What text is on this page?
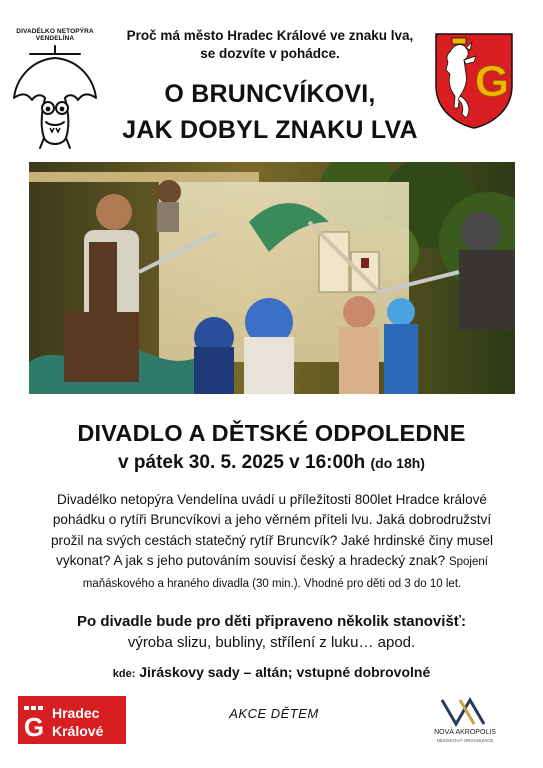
DIVADÉLKO NETOPÝRA VENDELÍNA	Proč má město Hradec Králové ve znaku lva,
se dozvíte v pohádce.
O BRUNCVÍKOVI,
JAK DOBYL ZNAKU LVA
G
DIVADLO A DĚTSKÉ ODPOLEDNE
v pátek 30. 5. 2025 v 16:00h (do 18h)
Divadélko netopýra Vendelína uvádí u příležitosti 800let Hradce králové pohádku o rytíři Bruncvíkovi a jeho věrném příteli lvu. Jaká dobrodružství prožil na svých cestách statečný rytíř Bruncvík? Jaké hrdinské činy musel vykonat? A jak s jeho putováním souvisí český a hradecký znak? Spojení maňáskového a hraného divadla (30 min.). Vhodné pro děti od 3 do 10 let.
Po divadle bude pro děti připraveno několik stanovišť:
výroba slizu, bubliny, střílení z luku… apod.
kde: Jiráskovy sady – altán; vstupné dobrovolné
G Hradec
Králové
AKCE DĚTEM
NOVÁ AKROPOLIS
NEZISKOVÁ ORGANIZACE
